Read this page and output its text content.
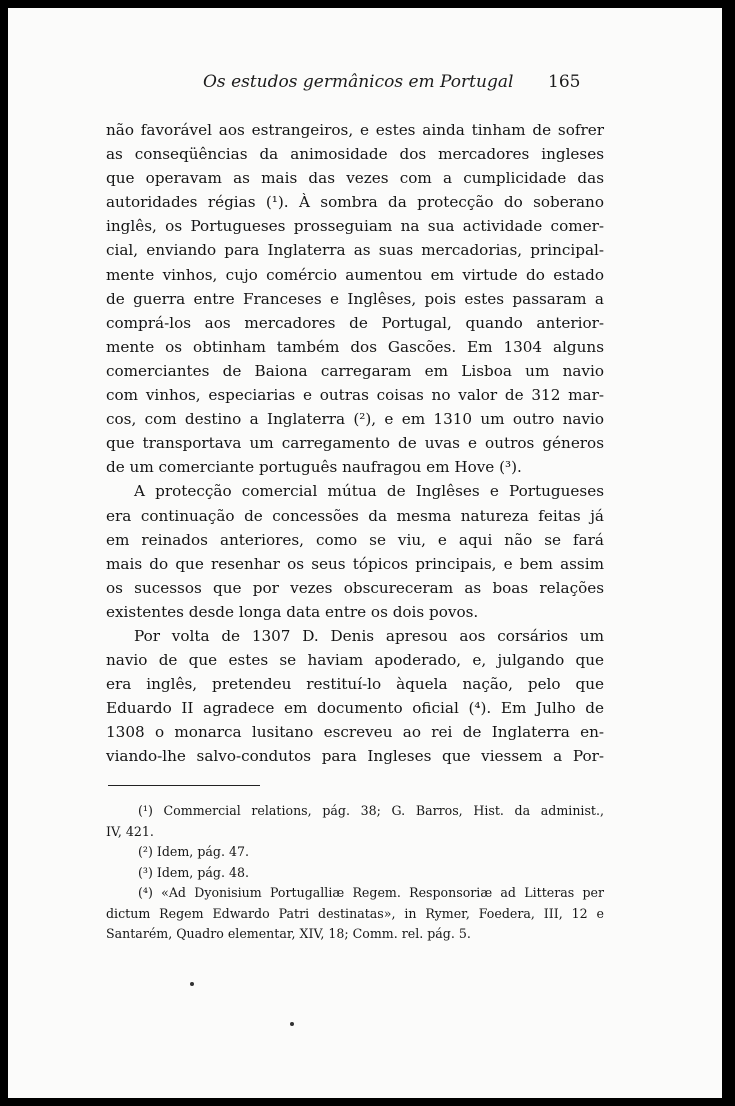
Os estudos germânicos em Portugal 165

não favorável aos estrangeiros, e estes ainda tinham de sofrer
as conseqüências da animosidade dos mercadores ingleses
que operavam as mais das vezes com a cumplicidade das
autoridades régias (¹). À sombra da protecção do soberano
inglês, os Portugueses prosseguiam na sua actividade comer-
cial, enviando para Inglaterra as suas mercadorias, principal-
mente vinhos, cujo comércio aumentou em virtude do estado
de guerra entre Franceses e Inglêses, pois estes passaram a
comprá-los aos mercadores de Portugal, quando anterior-
mente os obtinham também dos Gascões. Em 1304 alguns
comerciantes de Baiona carregaram em Lisboa um navio
com vinhos, especiarias e outras coisas no valor de 312 mar-
cos, com destino a Inglaterra (²), e em 1310 um outro navio
que transportava um carregamento de uvas e outros géneros
de um comerciante português naufragou em Hove (³).

A protecção comercial mútua de Inglêses e Portugueses
era continuação de concessões da mesma natureza feitas já
em reinados anteriores, como se viu, e aqui não se fará
mais do que resenhar os seus tópicos principais, e bem assim
os sucessos que por vezes obscureceram as boas relações
existentes desde longa data entre os dois povos.

Por volta de 1307 D. Denis apresou aos corsários um
navio de que estes se haviam apoderado, e, julgando que
era inglês, pretendeu restituí-lo àquela nação, pelo que
Eduardo II agradece em documento oficial (⁴). Em Julho de
1308 o monarca lusitano escreveu ao rei de Inglaterra en-
viando-lhe salvo-condutos para Ingleses que viessem a Por-

(¹) Commercial relations, pág. 38; G. Barros, Hist. da administ.,
IV, 421.
(²) Idem, pág. 47.
(³) Idem, pág. 48.
(⁴) «Ad Dyonisium Portugalliæ Regem. Responsoriæ ad Litteras per
dictum Regem Edwardo Patri destinatas», in Rymer, Foedera, III, 12 e
Santarém, Quadro elementar, XIV, 18; Comm. rel. pág. 5.
